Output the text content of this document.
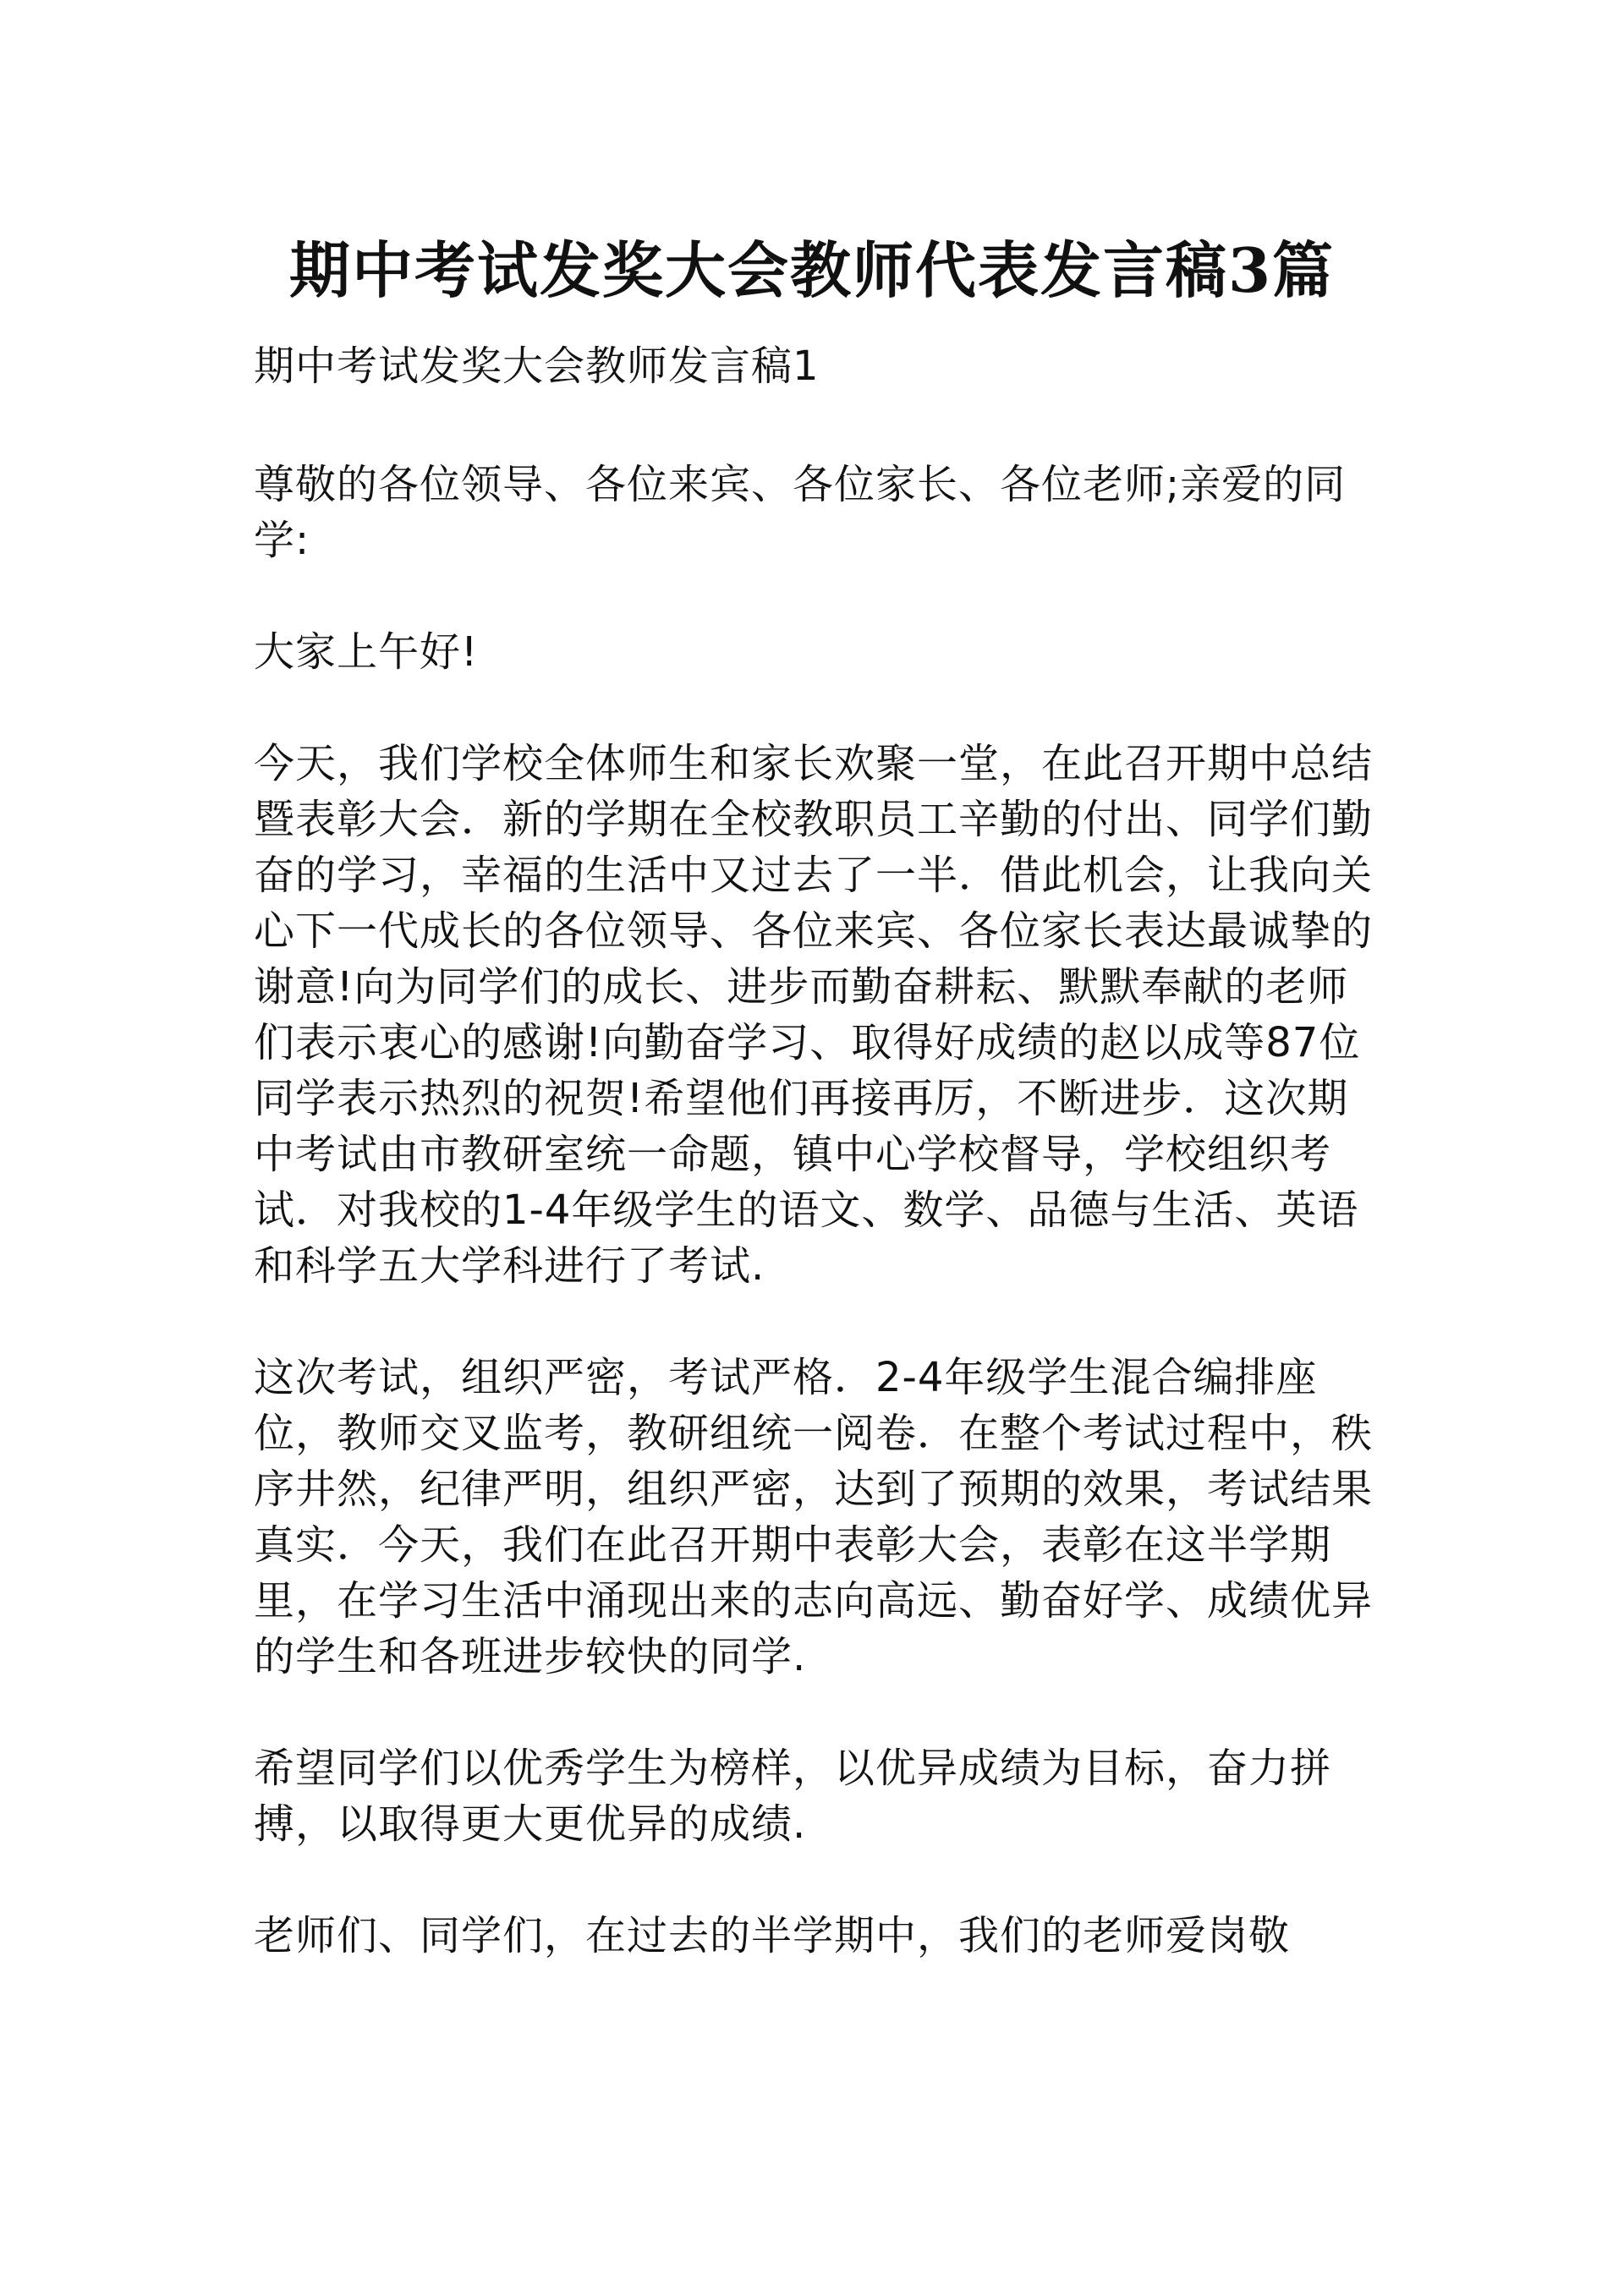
期中考试发奖大会教师代表发言稿3篇

期中考试发奖大会教师发言稿1

尊敬的各位领导、各位来宾、各位家长、各位老师;亲爱的同学:

大家上午好!

今天，我们学校全体师生和家长欢聚一堂，在此召开期中总结暨表彰大会．新的学期在全校教职员工辛勤的付出、同学们勤奋的学习，幸福的生活中又过去了一半．借此机会，让我向关心下一代成长的各位领导、各位来宾、各位家长表达最诚挚的谢意!向为同学们的成长、进步而勤奋耕耘、默默奉献的老师们表示衷心的感谢!向勤奋学习、取得好成绩的赵以成等87位同学表示热烈的祝贺!希望他们再接再厉，不断进步．这次期中考试由市教研室统一命题，镇中心学校督导，学校组织考试．对我校的1-4年级学生的语文、数学、品德与生活、英语和科学五大学科进行了考试.

这次考试，组织严密，考试严格．2-4年级学生混合编排座位，教师交叉监考，教研组统一阅卷．在整个考试过程中，秩序井然，纪律严明，组织严密，达到了预期的效果，考试结果真实．今天，我们在此召开期中表彰大会，表彰在这半学期里，在学习生活中涌现出来的志向高远、勤奋好学、成绩优异的学生和各班进步较快的同学.

希望同学们以优秀学生为榜样，以优异成绩为目标，奋力拼搏，以取得更大更优异的成绩.

老师们、同学们，在过去的半学期中，我们的老师爱岗敬
